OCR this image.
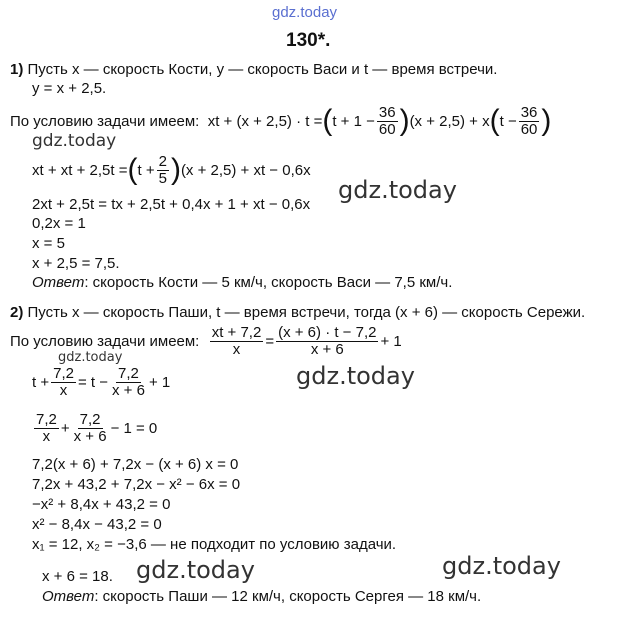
gdz.today
130*.
1) Пусть x — скорость Кости, y — скорость Васи и t — время встречи.
y = x + 2,5.
По условию задачи имеем:
xt + (x + 2,5) · t = ( $t + 1 - \frac{36}{60}$ ) (x + 2,5) + x ( $t - \frac{36}{60}$ )
gdz.today
xt + xt + 2,5t = ( $t + \frac{2}{5}$ ) (x + 2,5) + xt − 0,6x
gdz.today
2xt + 2,5t = tx + 2,5t + 0,4x + 1 + xt − 0,6x
0,2x = 1
x = 5
x + 2,5 = 7,5.
Ответ: скорость Кости — 5 км/ч, скорость Васи — 7,5 км/ч.
2) Пусть x — скорость Паши, t — время встречи, тогда (x + 6) — скорость Сережи.
По условию задачи имеем:
$\frac{xt + 7,2}{x} = \frac{(x + 6) \cdot t - 7,2}{x + 6} + 1$
gdz.today
$t + \frac{7,2}{x} = t - \frac{7,2}{x + 6} + 1$	gdz.today
$\frac{7,2}{x} + \frac{7,2}{x + 6} - 1 = 0$
7,2(x + 6) + 7,2x − (x + 6) x = 0
7,2x + 43,2 + 7,2x − x² − 6x = 0
−x² + 8,4x + 43,2 = 0
x² − 8,4x − 43,2 = 0
x₁ = 12, x₂ = −3,6 — не подходит по условию задачи.
x + 6 = 18. gdz.today	gdz.today
Ответ: скорость Паши — 12 км/ч, скорость Сергея — 18 км/ч.
